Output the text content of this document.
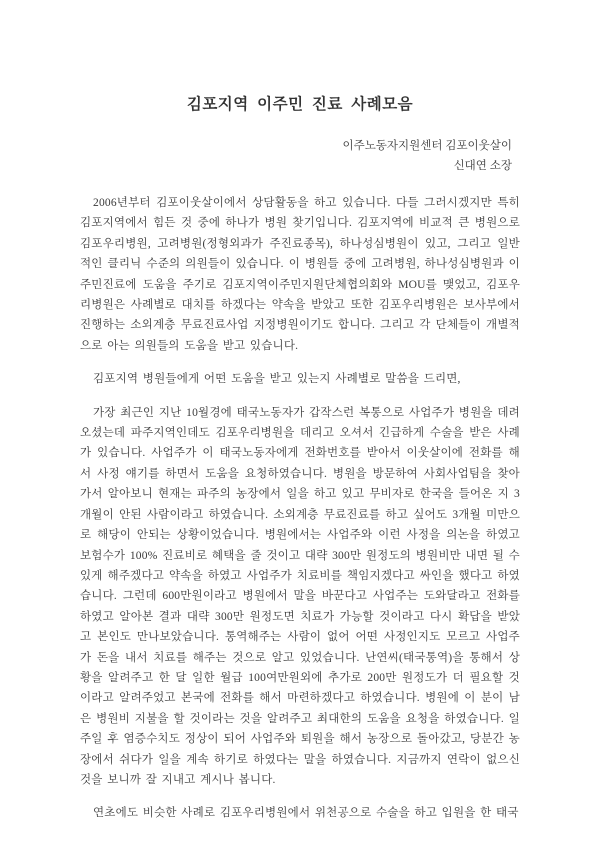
김포지역 이주민 진료 사례모음
이주노동자지원센터 김포이웃살이
신대연 소장

2006년부터 김포이웃살이에서 상담활동을 하고 있습니다. 다들 그러시겠지만 특히 김포지역에서 힘든 것 중에 하나가 병원 찾기입니다. 김포지역에 비교적 큰 병원으로 김포우리병원, 고려병원(정형외과가 주진료종목), 하나성심병원이 있고, 그리고 일반적인 클리닉 수준의 의원들이 있습니다. 이 병원들 중에 고려병원, 하나성심병원과 이주민진료에 도움을 주기로 김포지역이주민지원단체협의회와 MOU를 맺었고, 김포우리병원은 사례별로 대치를 하겠다는 약속을 받았고 또한 김포우리병원은 보사부에서 진행하는 소외계층 무료진료사업 지정병원이기도 합니다. 그리고 각 단체들이 개별적으로 아는 의원들의 도움을 받고 있습니다.

김포지역 병원들에게 어떤 도움을 받고 있는지 사례별로 말씀을 드리면,

가장 최근인 지난 10월경에 태국노동자가 갑작스런 복통으로 사업주가 병원을 데려오셨는데 파주지역인데도 김포우리병원을 데리고 오셔서 긴급하게 수술을 받은 사례가 있습니다. 사업주가 이 태국노동자에게 전화번호를 받아서 이웃살이에 전화를 해서 사정 얘기를 하면서 도움을 요청하였습니다. 병원을 방문하여 사회사업팀을 찾아가서 알아보니 현재는 파주의 농장에서 일을 하고 있고 무비자로 한국을 들어온 지 3개월이 안된 사람이라고 하였습니다. 소외계층 무료진료를 하고 싶어도 3개월 미만으로 해당이 안되는 상황이었습니다. 병원에서는 사업주와 이런 사정을 의논을 하였고 보험수가 100% 진료비로 혜택을 줄 것이고 대략 300만 원정도의 병원비만 내면 될 수 있게 해주겠다고 약속을 하였고 사업주가 치료비를 책임지겠다고 싸인을 했다고 하였습니다. 그런데 600만원이라고 병원에서 말을 바꾼다고 사업주는 도와달라고 전화를 하였고 알아본 결과 대략 300만 원정도면 치료가 가능할 것이라고 다시 확답을 받았고 본인도 만나보았습니다. 통역해주는 사람이 없어 어떤 사정인지도 모르고 사업주가 돈을 내서 치료를 해주는 것으로 알고 있었습니다. 난연씨(태국통역)을 통해서 상황을 알려주고 한 달 일한 월급 100여만원외에 추가로 200만 원정도가 더 필요할 것이라고 알려주었고 본국에 전화를 해서 마련하겠다고 하였습니다. 병원에 이 분이 남은 병원비 지불을 할 것이라는 것을 알려주고 최대한의 도움을 요청을 하였습니다. 일주일 후 염증수치도 정상이 되어 사업주와 퇴원을 해서 농장으로 돌아갔고, 당분간 농장에서 쉬다가 일을 계속 하기로 하였다는 말을 하였습니다. 지금까지 연락이 없으신 것을 보니까 잘 지내고 계시나 봅니다.

연초에도 비슷한 사례로 김포우리병원에서 위천공으로 수술을 하고 입원을 한 태국
